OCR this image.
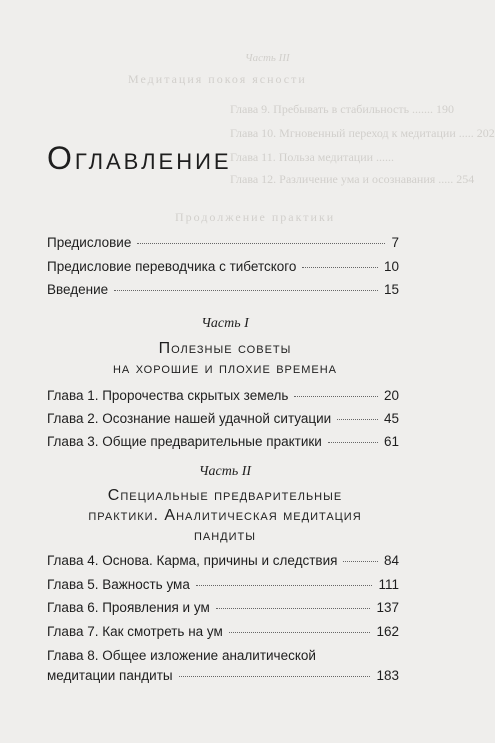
Часть III
Медитация покоя ясности
Глава 9. Пребывать в стабильность ....... 190
Глава 10. Мгновенный переход к медитации ..... 202
Глава 11. Польза медитации ......
Глава 12. Различение ума и осознавания ..... 254
Продолжение практики
Оглавление
Предисловие	7
Предисловие переводчика с тибетского	10
Введение	15
Часть I
Полезные советы
на хорошие и плохие времена
Глава 1. Пророчества скрытых земель	20
Глава 2. Осознание нашей удачной ситуации	45
Глава 3. Общие предварительные практики	61
Часть II
Специальные предварительные
практики. Аналитическая медитация
пандиты
Глава 4. Основа. Карма, причины и следствия	84
Глава 5. Важность ума	111
Глава 6. Проявления и ум	137
Глава 7. Как смотреть на ум	162
Глава 8. Общее изложение аналитической
медитации пандиты	183
